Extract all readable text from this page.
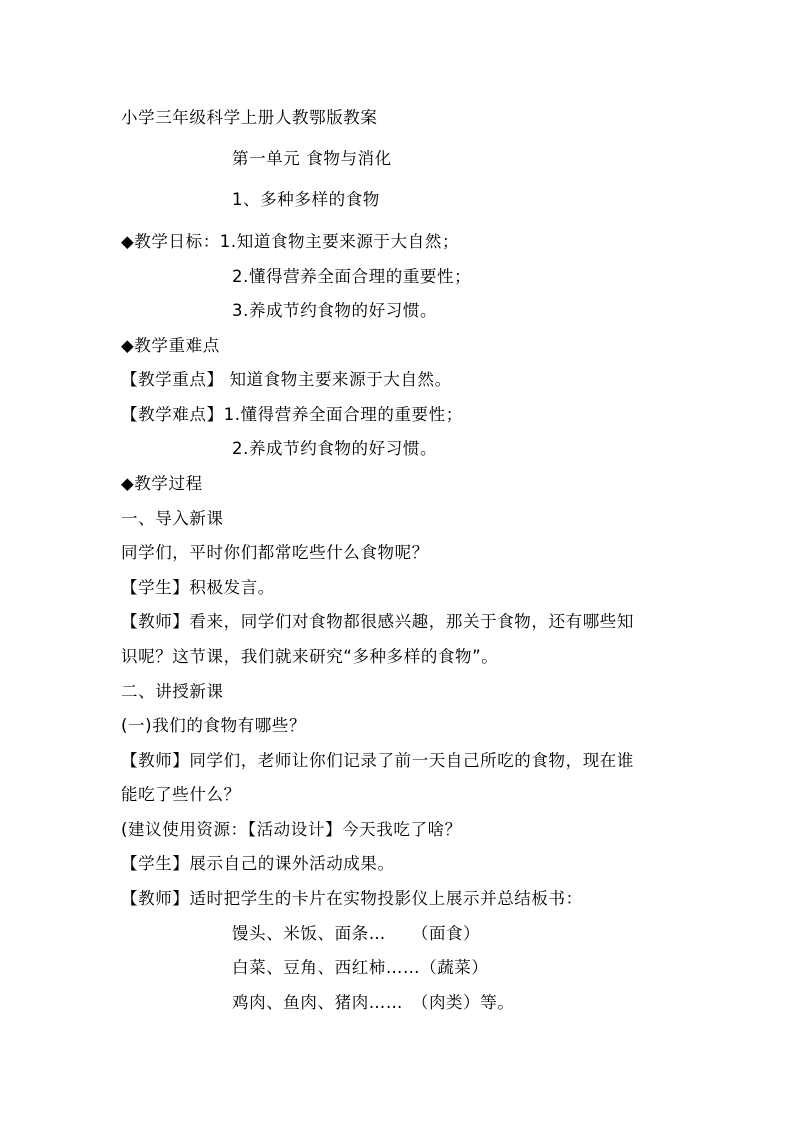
小学三年级科学上册人教鄂版教案
第一单元 食物与消化
1、多种多样的食物
◆教学日标：1.知道食物主要来源于大自然；
2.懂得营养全面合理的重要性；
3.养成节约食物的好习惯。
◆教学重难点
【教学重点】 知道食物主要来源于大自然。
【教学难点】1.懂得营养全面合理的重要性；
2.养成节约食物的好习惯。
◆教学过程
一、导入新课
同学们，平时你们都常吃些什么食物呢？
【学生】积极发言。
【教师】看来，同学们对食物都很感兴趣，那关于食物，还有哪些知
识呢？这节课，我们就来研究“多种多样的食物”。
二、讲授新课
(一)我们的食物有哪些？
【教师】同学们，老师让你们记录了前一天自己所吃的食物，现在谁
能吃了些什么？
(建议使用资源：【活动设计】今天我吃了啥？
【学生】展示自己的课外活动成果。
【教师】适时把学生的卡片在实物投影仪上展示并总结板书：
馒头、米饭、面条…　　（面食）
白菜、豆角、西红柿……（蔬菜）
鸡肉、鱼肉、猪肉……　（肉类）等。
